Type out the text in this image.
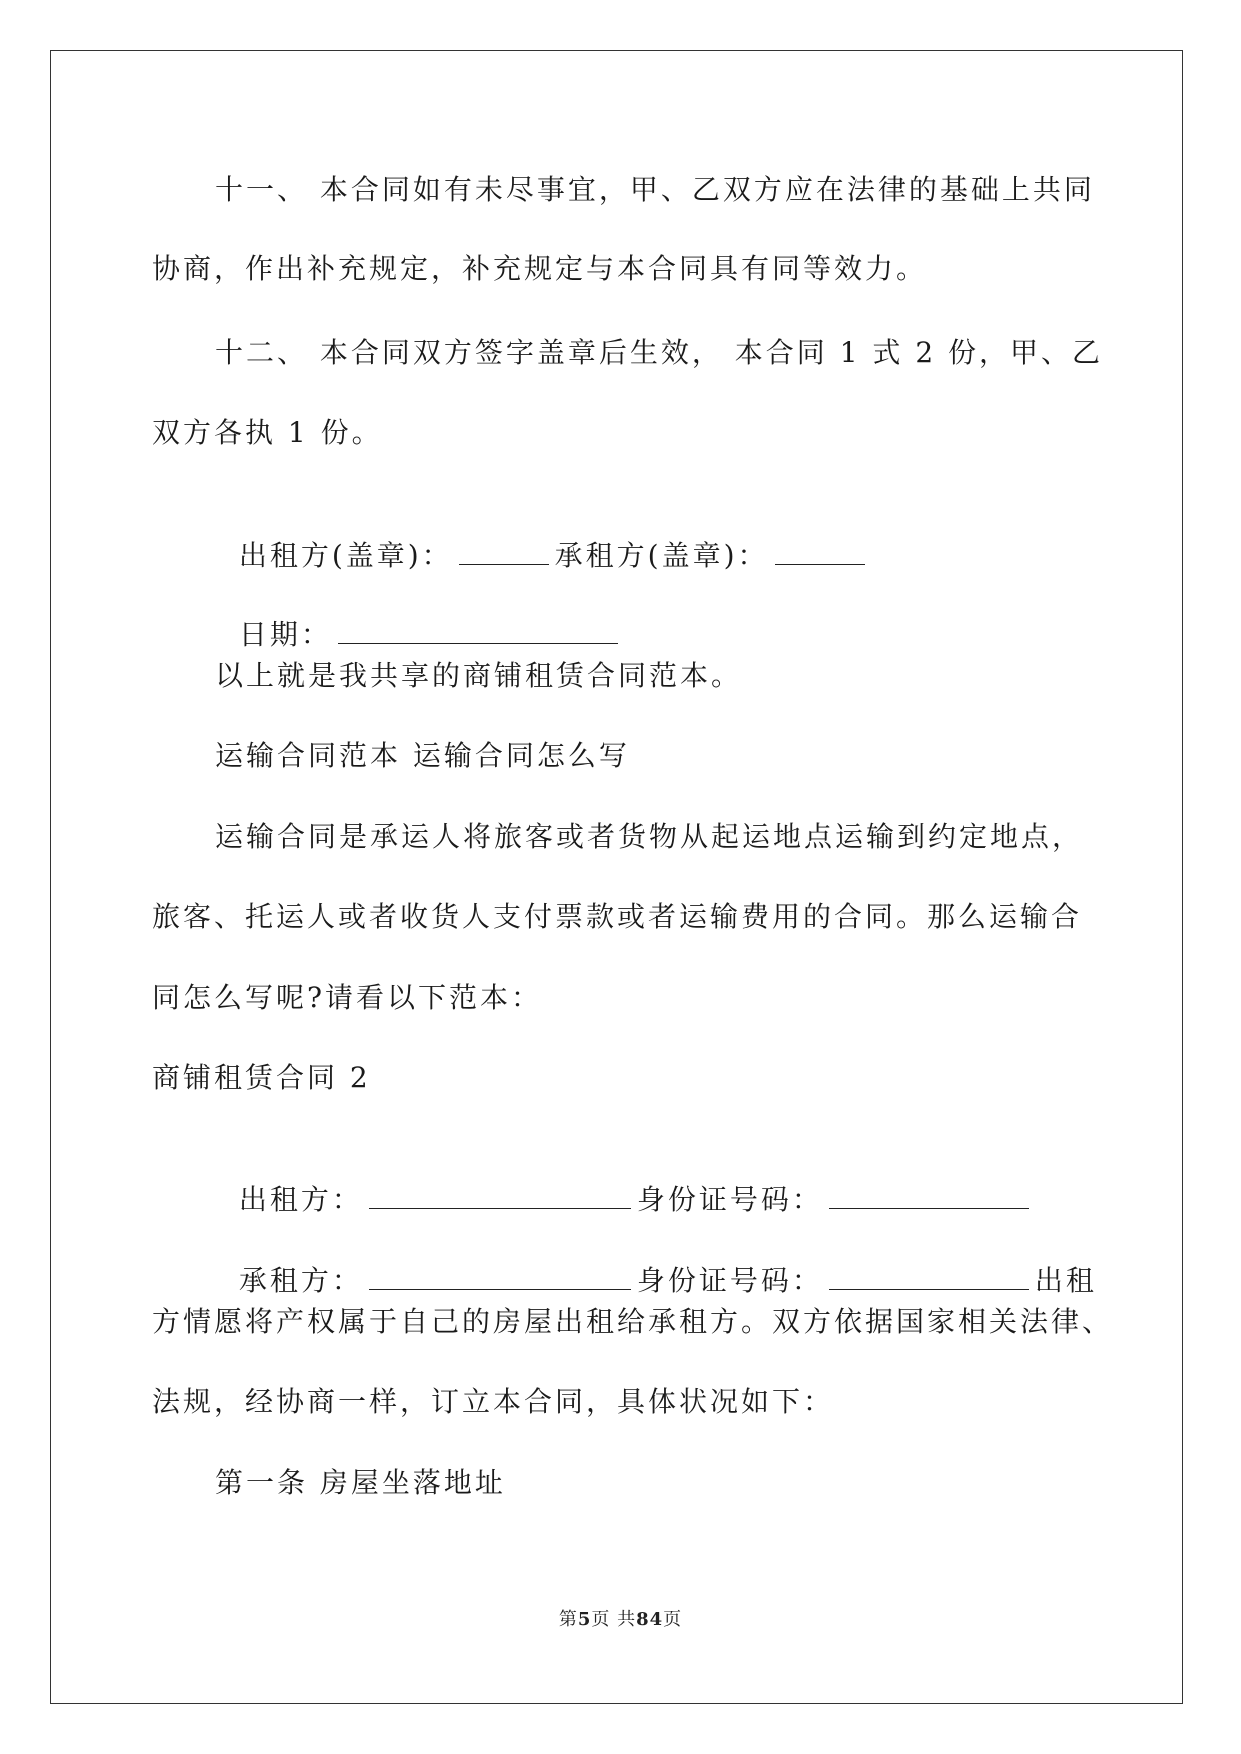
十一、 本合同如有未尽事宜，甲、乙双方应在法律的基础上共同
协商，作出补充规定，补充规定与本合同具有同等效力。
十二、 本合同双方签字盖章后生效， 本合同 1 式 2 份，甲、乙
双方各执 1 份。

出租方(盖章)：	承租方(盖章)：

日期：

以上就是我共享的商铺租赁合同范本。
运输合同范本 运输合同怎么写
运输合同是承运人将旅客或者货物从起运地点运输到约定地点，
旅客、托运人或者收货人支付票款或者运输费用的合同。那么运输合
同怎么写呢?请看以下范本：
商铺租赁合同 2

出租方：	身份证号码：

承租方：	身份证号码：	出租

方情愿将产权属于自己的房屋出租给承租方。双方依据国家相关法律、
法规，经协商一样，订立本合同，具体状况如下：
第一条 房屋坐落地址
第5页 共84页
